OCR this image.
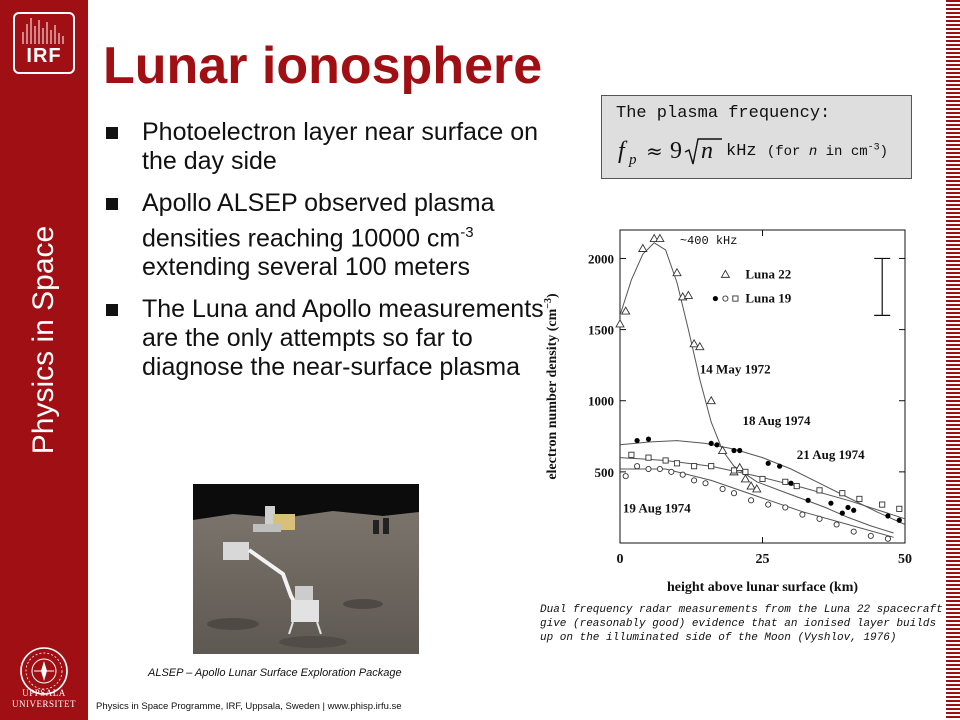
IRF
Physics in Space
UPPSALA
UNIVERSITET
Lunar ionosphere
Photoelectron layer near surface on the day side
Apollo ALSEP observed plasma densities reaching 10000 $cm^{-3}$ extending several 100 meters
The Luna and Apollo measurements are the only attempts so far to diagnose the near-surface plasma
The plasma frequency:
f p ≈ 9 n kHz (for n in $cm^{-3}$)
ALSEP – Apollo Lunar Surface Exploration Package
0	25	50
500
1000
1500
2000
height above lunar surface (km)
electron number density $(cm^{-3})$
~400 kHz
14 May 1972
18 Aug 1974
21 Aug 1974
19 Aug 1974
Luna 22
Luna 19
Dual frequency radar measurements from the Luna 22 spacecraft give (reasonably good) evidence that an ionised layer builds up on the illuminated side of the Moon (Vyshlov, 1976)
Physics in Space Programme, IRF, Uppsala, Sweden | www.phisp.irfu.se
